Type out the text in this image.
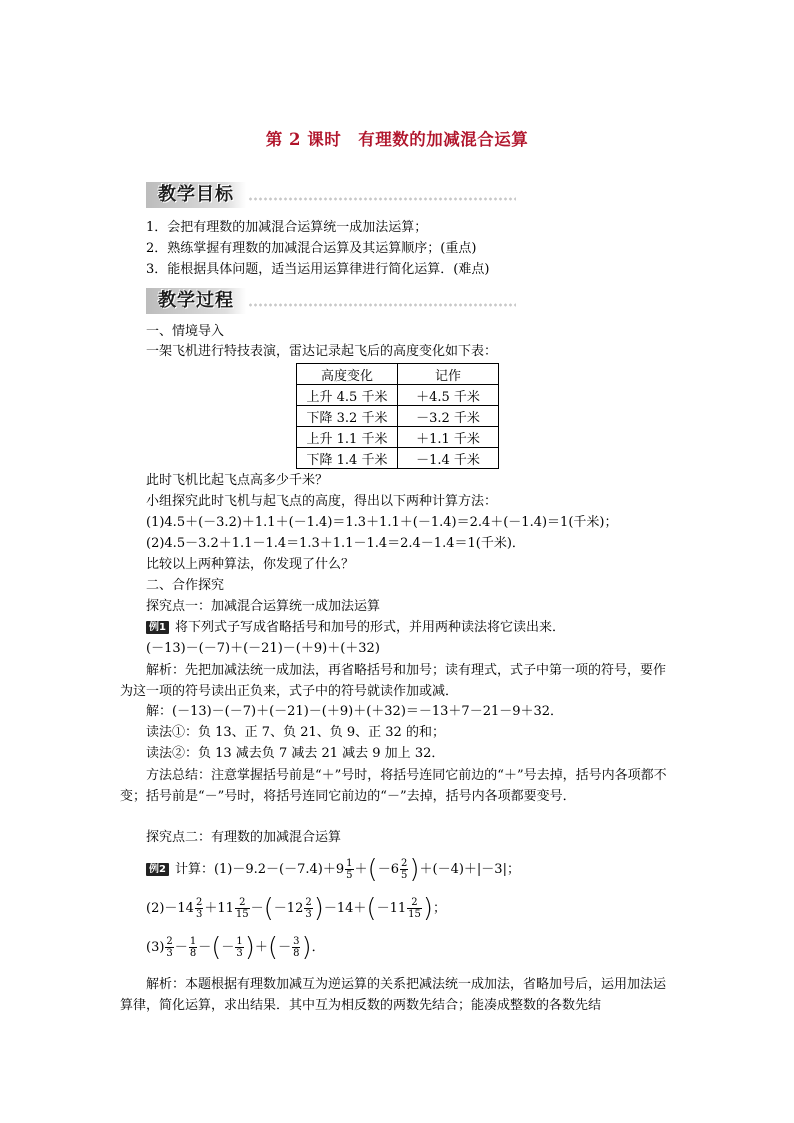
第 2 课时　有理数的加减混合运算
教学目标
1．会把有理数的加减混合运算统一成加法运算；
2．熟练掌握有理数的加减混合运算及其运算顺序；(重点)
3．能根据具体问题，适当运用运算律进行简化运算．(难点)
教学过程
一、情境导入
一架飞机进行特技表演，雷达记录起飞后的高度变化如下表：
高度变化	记作
上升 4.5 千米	＋4.5 千米
下降 3.2 千米	－3.2 千米
上升 1.1 千米	＋1.1 千米
下降 1.4 千米	－1.4 千米
此时飞机比起飞点高多少千米？
小组探究此时飞机与起飞点的高度，得出以下两种计算方法：
(1)4.5＋(－3.2)＋1.1＋(－1.4)＝1.3＋1.1＋(－1.4)＝2.4＋(－1.4)＝1(千米)；
(2)4.5－3.2＋1.1－1.4＝1.3＋1.1－1.4＝2.4－1.4＝1(千米)．
比较以上两种算法，你发现了什么？
二、合作探究
探究点一：加减混合运算统一成加法运算
例1 将下列式子写成省略括号和加号的形式，并用两种读法将它读出来．
(－13)－(－7)＋(－21)－(＋9)＋(＋32)
解析：先把加减法统一成加法，再省略括号和加号；读有理式，式子中第一项的符号，要作为这一项的符号读出正负来，式子中的符号就读作加或减．
解：(－13)－(－7)＋(－21)－(＋9)＋(＋32)＝－13＋7－21－9＋32．
读法①：负 13、正 7、负 21、负 9、正 32 的和；
读法②：负 13 减去负 7 减去 21 减去 9 加上 32．
方法总结：注意掌握括号前是“＋”号时，将括号连同它前边的“＋”号去掉，括号内各项都不变；括号前是“－”号时，将括号连同它前边的“－”去掉，括号内各项都要变号．
探究点二：有理数的加减混合运算
例2 计算：$(1)-9.2-(-7.4)+9 \frac{1}{5} +(-6 \frac{2}{5} )+(-4)+|-3|$；
$(2)-14 \frac{2}{3} +11 \frac{2}{15} -(-12 \frac{2}{3} )-14+(-11 \frac{2}{15}$ )；
$(3) \frac{2}{3} - \frac{1}{8}$ －(－ $\frac{1}{3}$ )＋(－ $\frac{3}{8}$ )．
解析：本题根据有理数加减互为逆运算的关系把减法统一成加法，省略加号后，运用加法运算律，简化运算，求出结果．其中互为相反数的两数先结合；能凑成整数的各数先结
